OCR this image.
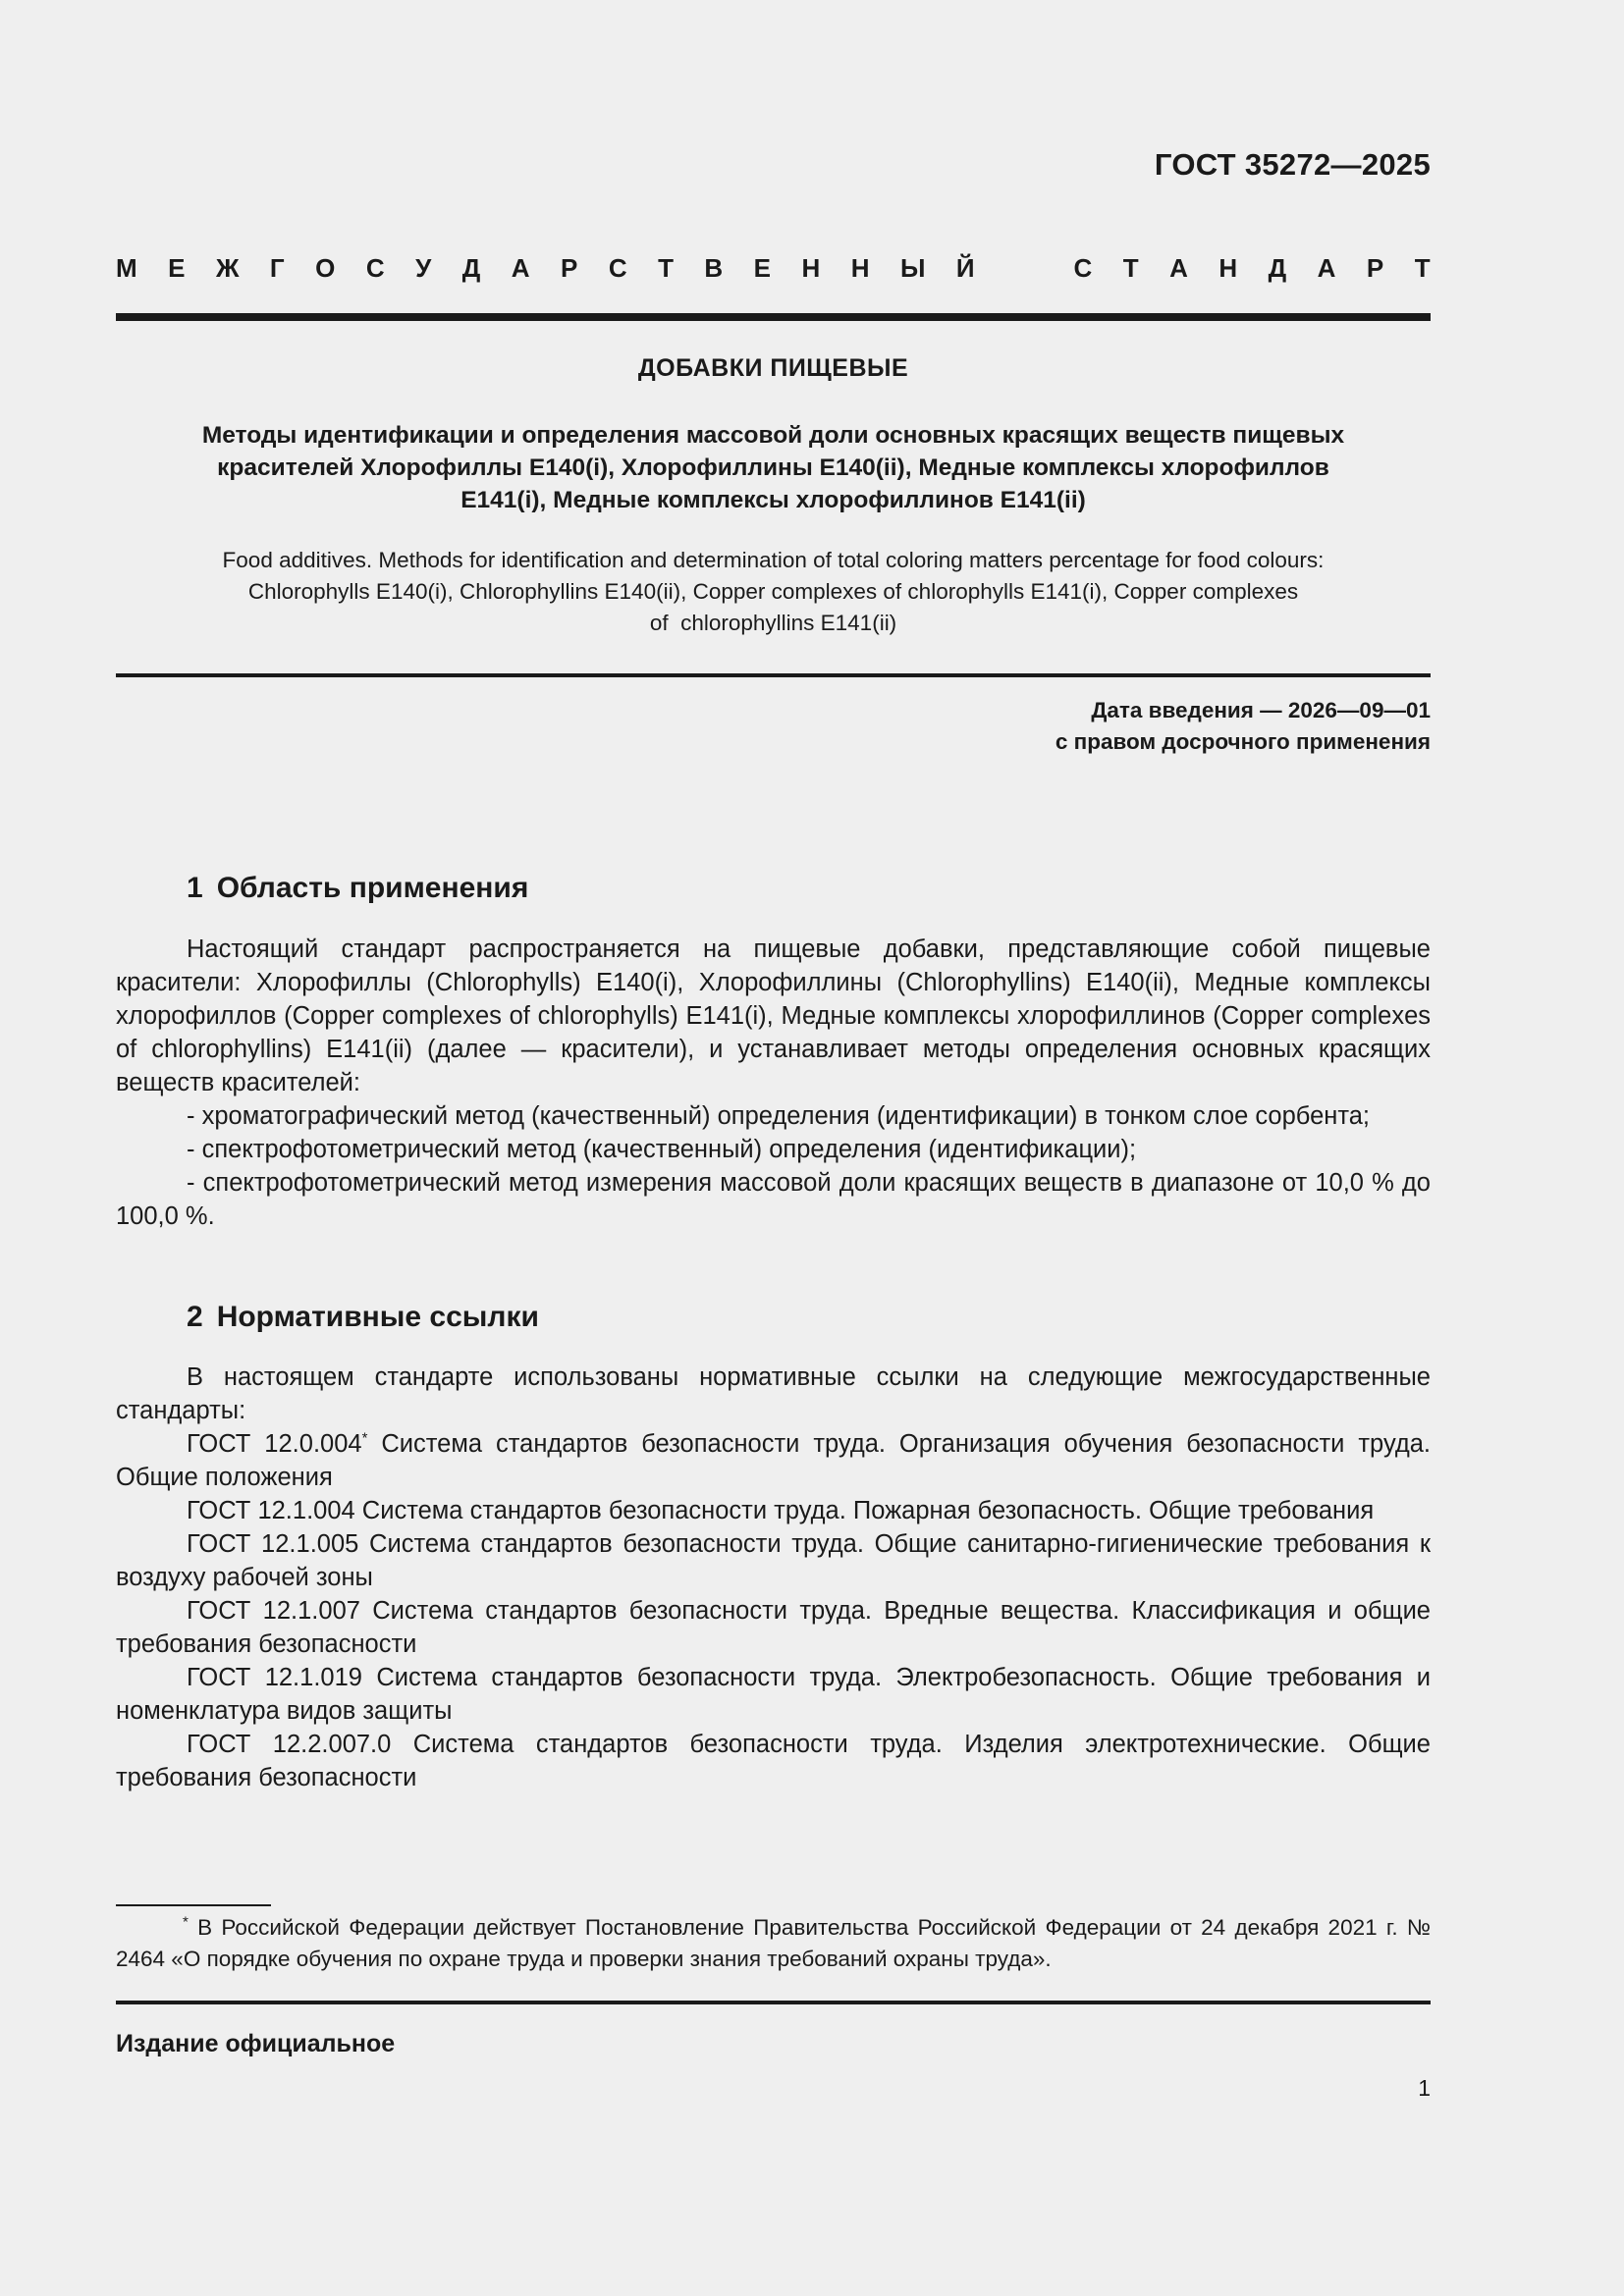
ГОСТ 35272—2025
М Е Ж Г О С У Д А Р С Т В Е Н Н Ы Й	С Т А Н Д А Р Т
ДОБАВКИ ПИЩЕВЫЕ
Методы идентификации и определения массовой доли основных красящих веществ пищевых
красителей Хлорофиллы Е140(i), Хлорофиллины Е140(ii), Медные комплексы хлорофиллов
Е141(i), Медные комплексы хлорофиллинов Е141(ii)
Food additives. Methods for identification and determination of total coloring matters percentage for food colours:
Chlorophylls E140(i), Chlorophyllins E140(ii), Copper complexes of chlorophylls E141(i), Copper complexes
of  chlorophyllins E141(ii)
Дата введения — 2026—09—01
с правом досрочного применения
1 Область применения

Настоящий стандарт распространяется на пищевые добавки, представляющие собой пищевые красители: Хлорофиллы (Chlorophylls) Е140(i), Хлорофиллины (Chlorophyllins) Е140(ii), Медные комплексы хлорофиллов (Copper complexes of chlorophylls) Е141(i), Медные комплексы хлорофиллинов (Copper complexes of chlorophyllins) Е141(ii) (далее — красители), и устанавливает методы определения основных красящих веществ красителей:

- хроматографический метод (качественный) определения (идентификации) в тонком слое сорбента;

- спектрофотометрический метод (качественный) определения (идентификации);

- спектрофотометрический метод измерения массовой доли красящих веществ в диапазоне от 10,0 % до 100,0 %.

2 Нормативные ссылки

В настоящем стандарте использованы нормативные ссылки на следующие межгосударственные стандарты:

ГОСТ 12.0.004* Система стандартов безопасности труда. Организация обучения безопасности труда. Общие положения

ГОСТ 12.1.004 Система стандартов безопасности труда. Пожарная безопасность. Общие требования

ГОСТ 12.1.005 Система стандартов безопасности труда. Общие санитарно-гигиенические требования к воздуху рабочей зоны

ГОСТ 12.1.007 Система стандартов безопасности труда. Вредные вещества. Классификация и общие требования безопасности

ГОСТ 12.1.019 Система стандартов безопасности труда. Электробезопасность. Общие требования и номенклатура видов защиты

ГОСТ 12.2.007.0 Система стандартов безопасности труда. Изделия электротехнические. Общие требования безопасности

* В Российской Федерации действует Постановление Правительства Российской Федерации от 24 декабря 2021 г. № 2464 «О порядке обучения по охране труда и проверки знания требований охраны труда».

Издание официальное
1
